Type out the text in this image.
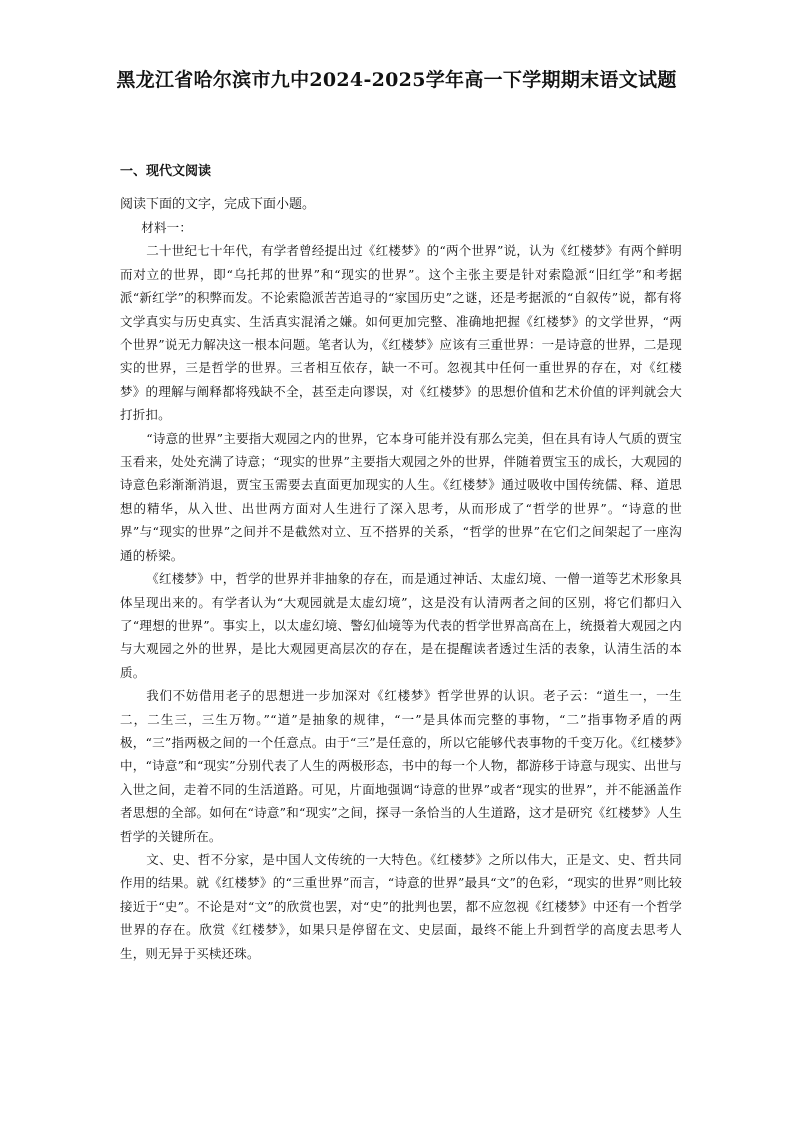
黑龙江省哈尔滨市九中2024-2025学年高一下学期期末语文试题
一、现代文阅读
阅读下面的文字，完成下面小题。

材料一：

二十世纪七十年代，有学者曾经提出过《红楼梦》的“两个世界”说，认为《红楼梦》有两个鲜明而对立的世界，即“乌托邦的世界”和“现实的世界”。这个主张主要是针对索隐派“旧红学”和考据派“新红学”的积弊而发。不论索隐派苦苦追寻的“家国历史”之谜，还是考据派的“自叙传”说，都有将文学真实与历史真实、生活真实混淆之嫌。如何更加完整、准确地把握《红楼梦》的文学世界，“两个世界”说无力解决这一根本问题。笔者认为，《红楼梦》应该有三重世界：一是诗意的世界，二是现实的世界，三是哲学的世界。三者相互依存，缺一不可。忽视其中任何一重世界的存在，对《红楼梦》的理解与阐释都将残缺不全，甚至走向谬误，对《红楼梦》的思想价值和艺术价值的评判就会大打折扣。

“诗意的世界”主要指大观园之内的世界，它本身可能并没有那么完美，但在具有诗人气质的贾宝玉看来，处处充满了诗意；“现实的世界”主要指大观园之外的世界，伴随着贾宝玉的成长，大观园的诗意色彩渐渐消退，贾宝玉需要去直面更加现实的人生。《红楼梦》通过吸收中国传统儒、释、道思想的精华，从入世、出世两方面对人生进行了深入思考，从而形成了“哲学的世界”。“诗意的世界”与“现实的世界”之间并不是截然对立、互不搭界的关系，“哲学的世界”在它们之间架起了一座沟通的桥梁。

《红楼梦》中，哲学的世界并非抽象的存在，而是通过神话、太虚幻境、一僧一道等艺术形象具体呈现出来的。有学者认为“大观园就是太虚幻境”，这是没有认清两者之间的区别，将它们都归入了“理想的世界”。事实上，以太虚幻境、警幻仙境等为代表的哲学世界高高在上，统摄着大观园之内与大观园之外的世界，是比大观园更高层次的存在，是在提醒读者透过生活的表象，认清生活的本质。

我们不妨借用老子的思想进一步加深对《红楼梦》哲学世界的认识。老子云：“道生一，一生二，二生三，三生万物。”“道”是抽象的规律，“一”是具体而完整的事物，“二”指事物矛盾的两极，“三”指两极之间的一个任意点。由于“三”是任意的，所以它能够代表事物的千变万化。《红楼梦》中，“诗意”和“现实”分别代表了人生的两极形态，书中的每一个人物，都游移于诗意与现实、出世与入世之间，走着不同的生活道路。可见，片面地强调“诗意的世界”或者“现实的世界”，并不能涵盖作者思想的全部。如何在“诗意”和“现实”之间，探寻一条恰当的人生道路，这才是研究《红楼梦》人生哲学的关键所在。

文、史、哲不分家，是中国人文传统的一大特色。《红楼梦》之所以伟大，正是文、史、哲共同作用的结果。就《红楼梦》的“三重世界”而言，“诗意的世界”最具“文”的色彩，“现实的世界”则比较接近于“史”。不论是对“文”的欣赏也罢，对“史”的批判也罢，都不应忽视《红楼梦》中还有一个哲学世界的存在。欣赏《红楼梦》，如果只是停留在文、史层面，最终不能上升到哲学的高度去思考人生，则无异于买椟还珠。
